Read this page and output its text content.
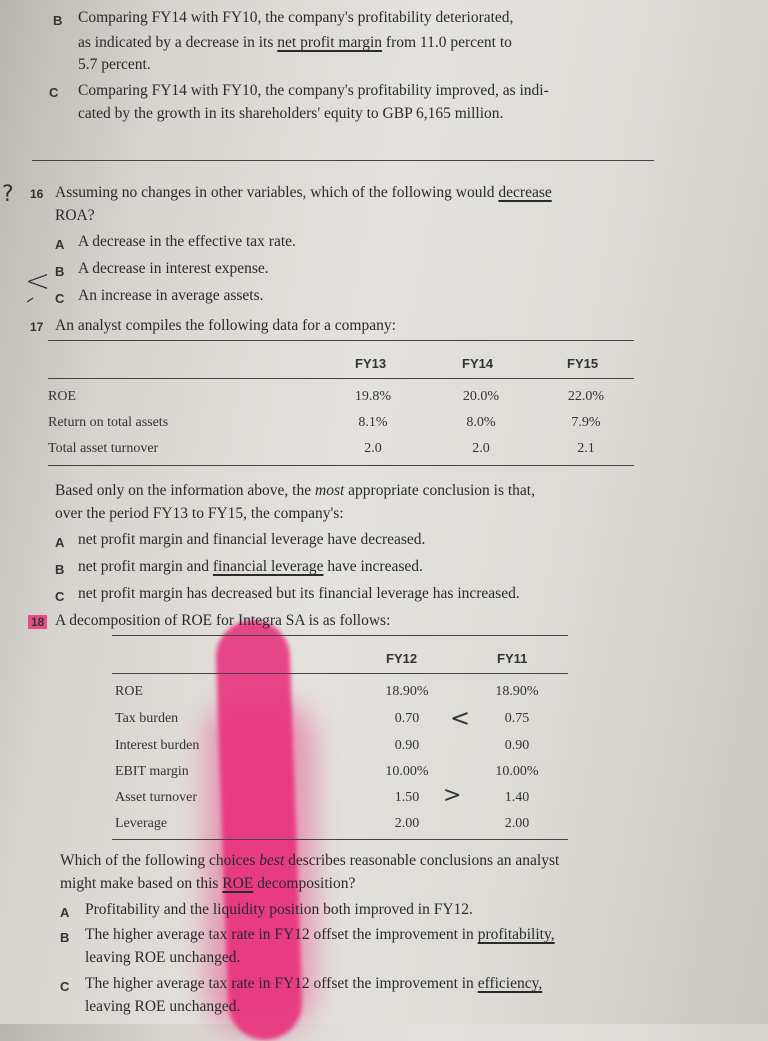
B Comparing FY14 with FY10, the company's profitability deteriorated,
as indicated by a decrease in its net profit margin from 11.0 percent to
5.7 percent.
C Comparing FY14 with FY10, the company's profitability improved, as indi-
cated by the growth in its shareholders' equity to GBP 6,165 million.
? 16 Assuming no changes in other variables, which of the following would decrease
ROA?
A A decrease in the effective tax rate.
B A decrease in interest expense.
C An increase in average assets.
<
17 An analyst compiles the following data for a company:
FY13	FY14	FY15
ROE	19.8%	20.0%	22.0%
Return on total assets	8.1%	8.0%	7.9%
Total asset turnover	2.0	2.0	2.1
Based only on the information above, the most appropriate conclusion is that,
over the period FY13 to FY15, the company's:
A net profit margin and financial leverage have decreased.
B net profit margin and financial leverage have increased.
C net profit margin has decreased but its financial leverage has increased.
18 A decomposition of ROE for Integra SA is as follows:
FY12	FY11
ROE	18.90%	18.90%
Tax burden	0.70	<	0.75
Interest burden	0.90	0.90
EBIT margin	10.00%	10.00%
Asset turnover	1.50	>	1.40
Leverage	2.00	2.00
Which of the following choices best describes reasonable conclusions an analyst
might make based on this ROE decomposition?
A Profitability and the liquidity position both improved in FY12.
B The higher average tax rate in FY12 offset the improvement in profitability,
leaving ROE unchanged.
C The higher average tax rate in FY12 offset the improvement in efficiency,
leaving ROE unchanged.
